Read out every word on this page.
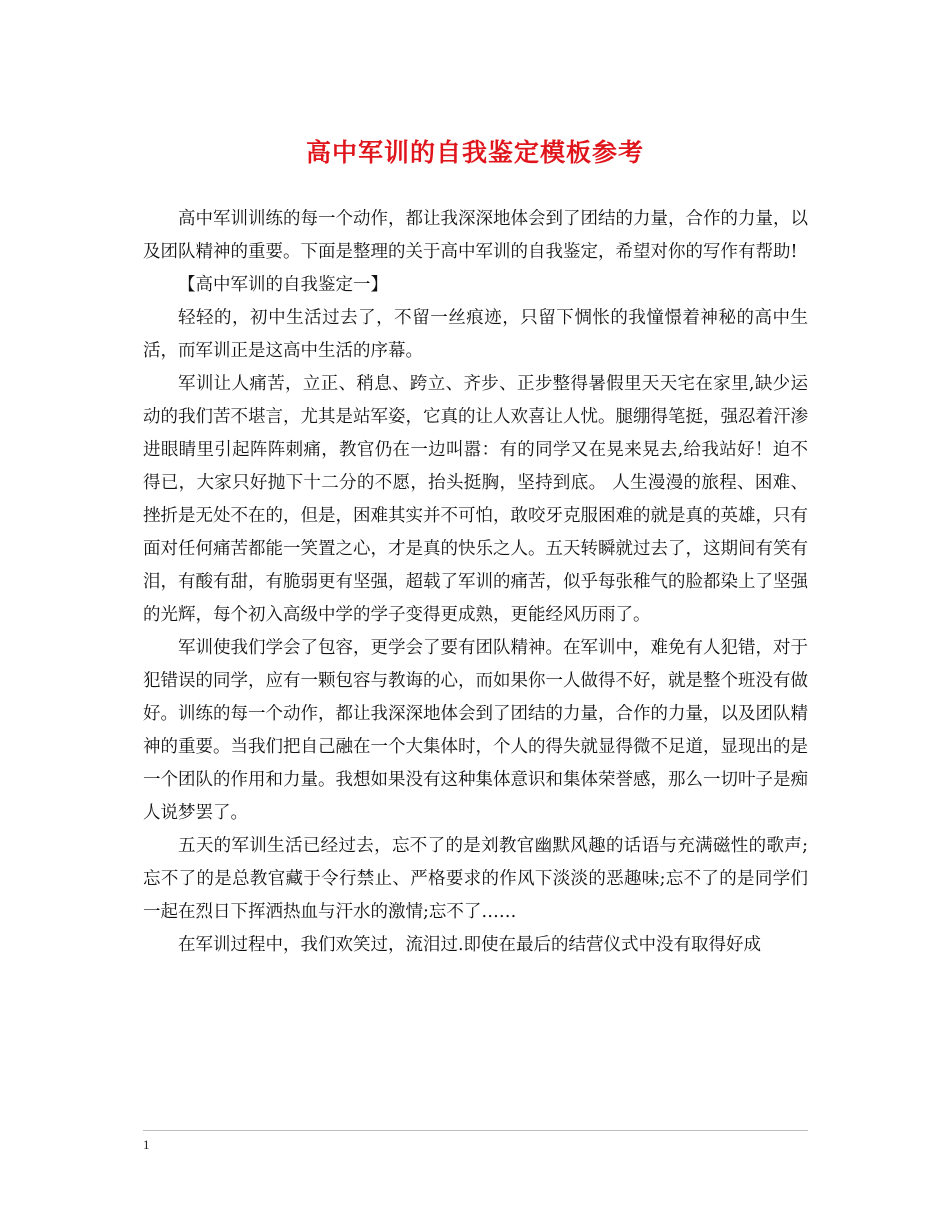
高中军训的自我鉴定模板参考

高中军训训练的每一个动作，都让我深深地体会到了团结的力量，合作的力量，以及团队精神的重要。下面是整理的关于高中军训的自我鉴定，希望对你的写作有帮助!

【高中军训的自我鉴定一】

轻轻的，初中生活过去了，不留一丝痕迹，只留下惆怅的我憧憬着神秘的高中生活，而军训正是这高中生活的序幕。

军训让人痛苦，立正、稍息、跨立、齐步、正步整得暑假里天天宅在家里,缺少运动的我们苦不堪言，尤其是站军姿，它真的让人欢喜让人忧。腿绷得笔挺，强忍着汗渗进眼睛里引起阵阵刺痛，教官仍在一边叫嚣：有的同学又在晃来晃去,给我站好！迫不得已，大家只好抛下十二分的不愿，抬头挺胸，坚持到底。 人生漫漫的旅程、困难、挫折是无处不在的，但是，困难其实并不可怕，敢咬牙克服困难的就是真的英雄，只有面对任何痛苦都能一笑置之心，才是真的快乐之人。五天转瞬就过去了，这期间有笑有泪，有酸有甜，有脆弱更有坚强，超载了军训的痛苦，似乎每张稚气的脸都染上了坚强的光辉，每个初入高级中学的学子变得更成熟，更能经风历雨了。

军训使我们学会了包容，更学会了要有团队精神。在军训中，难免有人犯错，对于犯错误的同学，应有一颗包容与教诲的心，而如果你一人做得不好，就是整个班没有做好。训练的每一个动作，都让我深深地体会到了团结的力量，合作的力量，以及团队精神的重要。当我们把自己融在一个大集体时，个人的得失就显得微不足道，显现出的是一个团队的作用和力量。我想如果没有这种集体意识和集体荣誉感，那么一切叶子是痴人说梦罢了。

五天的军训生活已经过去，忘不了的是刘教官幽默风趣的话语与充满磁性的歌声;忘不了的是总教官藏于令行禁止、严格要求的作风下淡淡的恶趣味;忘不了的是同学们一起在烈日下挥洒热血与汗水的激情;忘不了……

在军训过程中，我们欢笑过，流泪过.即使在最后的结营仪式中没有取得好成

1
